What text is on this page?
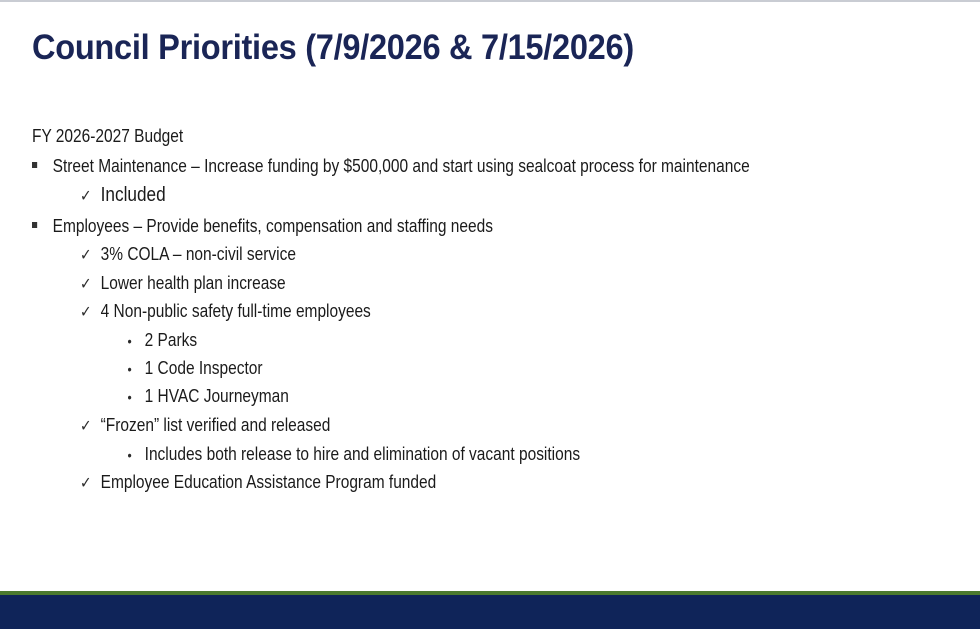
Council Priorities (7/9/2026 & 7/15/2026)
FY 2026-2027 Budget
Street Maintenance – Increase funding by $500,000 and start using sealcoat process for maintenance
✓ Included
Employees – Provide benefits, compensation and staffing needs
✓ 3% COLA – non-civil service
✓ Lower health plan increase
✓ 4 Non-public safety full-time employees
• 2 Parks
• 1 Code Inspector
• 1 HVAC Journeyman
✓ “Frozen” list verified and released
• Includes both release to hire and elimination of vacant positions
✓ Employee Education Assistance Program funded
